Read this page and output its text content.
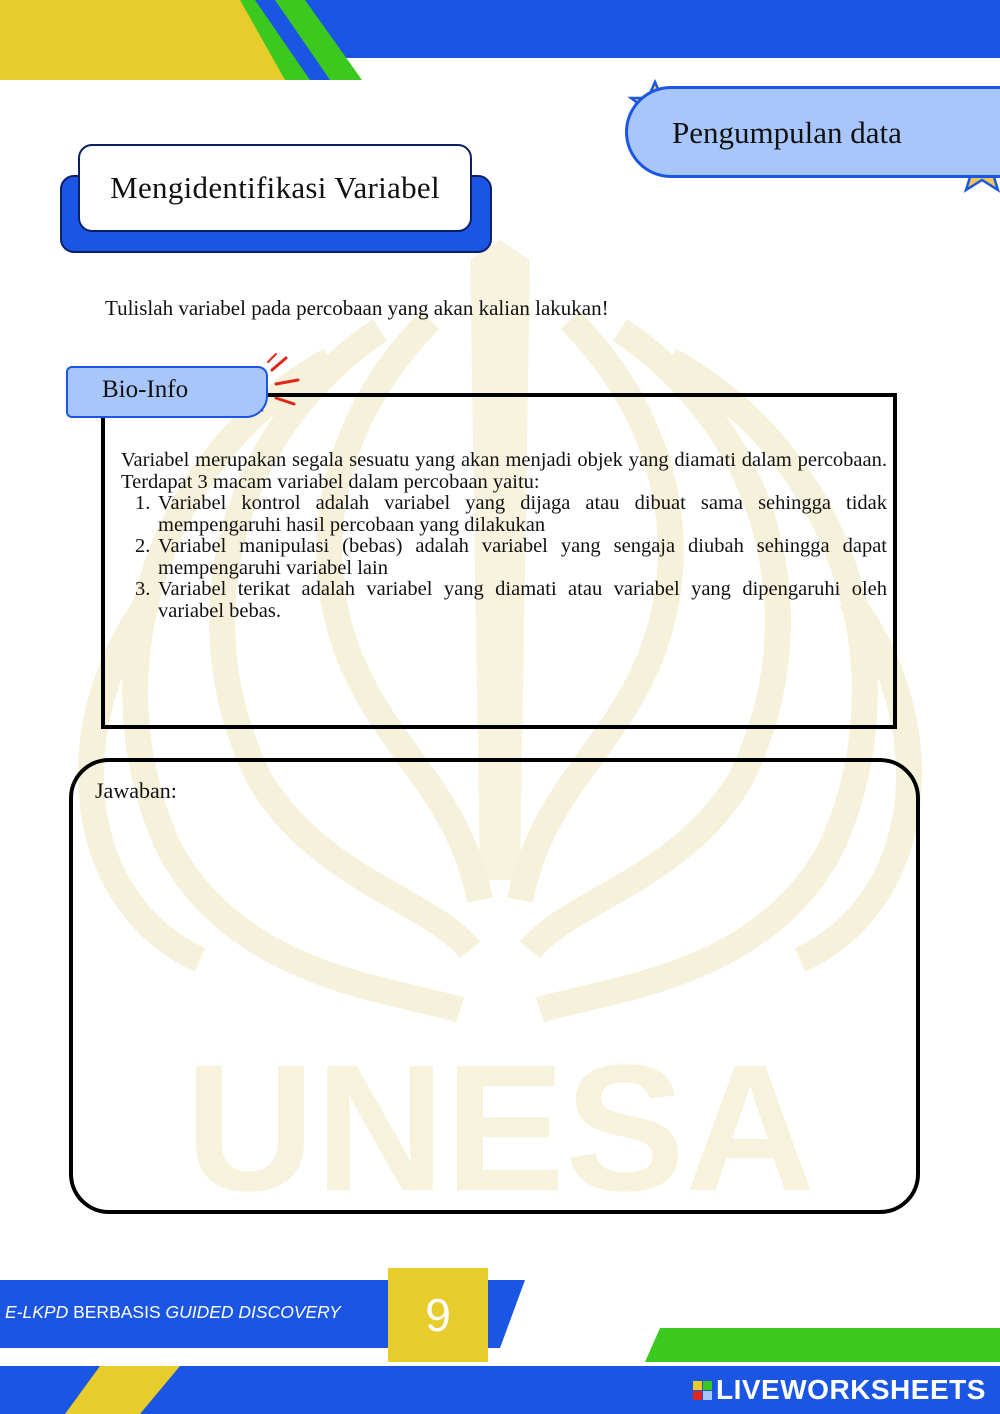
UNESA
Pengumpulan data
Mengidentifikasi Variabel
Tulislah variabel pada percobaan yang akan kalian lakukan!
Bio-Info

Variabel merupakan segala sesuatu yang akan menjadi objek yang diamati dalam percobaan. Terdapat 3 macam variabel dalam percobaan yaitu:

1. Variabel kontrol adalah variabel yang dijaga atau dibuat sama sehingga tidak mempengaruhi hasil percobaan yang dilakukan
2. Variabel manipulasi (bebas) adalah variabel yang sengaja diubah sehingga dapat mempengaruhi variabel lain
3. Variabel terikat adalah variabel yang diamati atau variabel yang dipengaruhi oleh variabel bebas.
Jawaban:
E-LKPD BERBASIS GUIDED DISCOVERY	9
LIVEWORKSHEETS
